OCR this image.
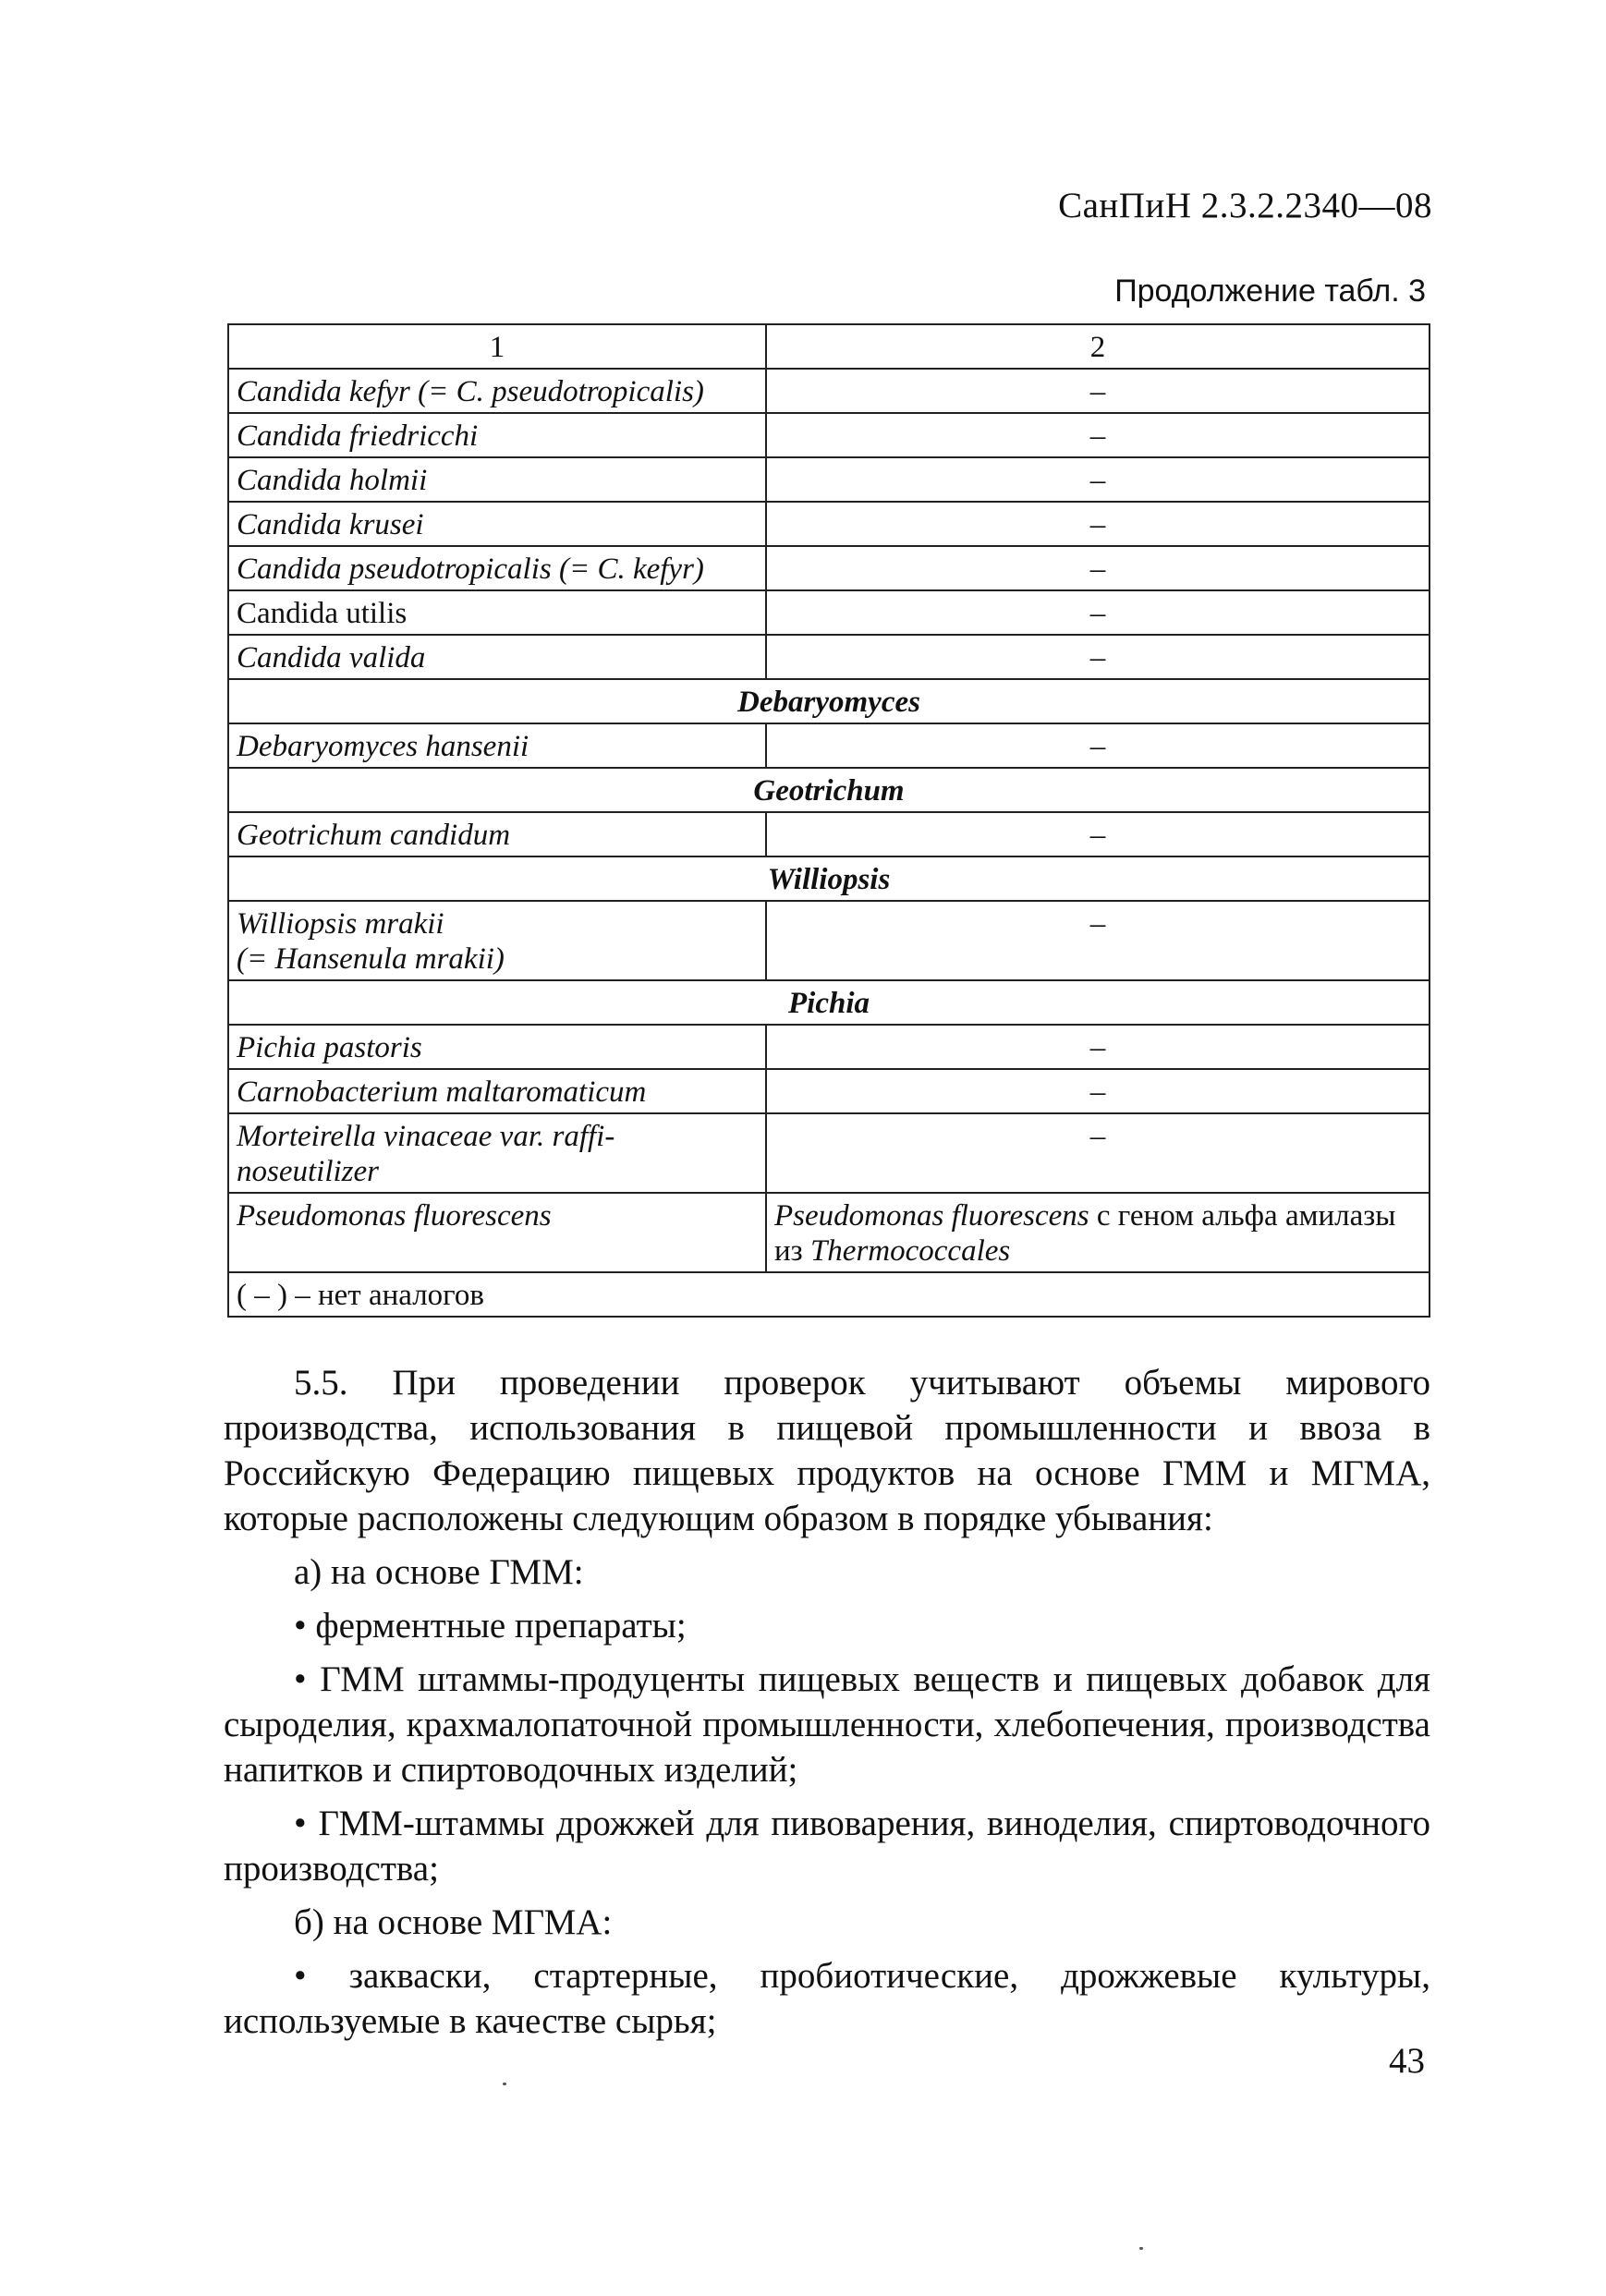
СанПиН 2.3.2.2340—08
Продолжение табл. 3
1	2
Candida kefyr (= C. pseudotropicalis)	–
Candida friedricchi	–
Candida holmii	–
Candida krusei	–
Candida pseudotropicalis (= C. kefyr)	–
Candida utilis	–
Candida valida	–
Debaryomyces	
Debaryomyces hansenii	–
Geotrichum	
Geotrichum candidum	–
Williopsis	

Williopsis mrakii
(= Hansenula mrakii)	–
Pichia	
Pichia pastoris	–
Carnobacterium maltaromaticum	–

Morteirella vinaceae var. raffi-
noseutilizer	–
Pseudomonas fluorescens	Pseudomonas fluorescens с геном альфа амилазы из Thermococcales
( – ) – нет аналогов	

5.5. При проведении проверок учитывают объемы мирового производства, использования в пищевой промышленности и ввоза в Российскую Федерацию пищевых продуктов на основе ГММ и МГМА, которые расположены следующим образом в порядке убывания:

а) на основе ГММ:

• ферментные препараты;

• ГММ штаммы-продуценты пищевых веществ и пищевых добавок для сыроделия, крахмалопаточной промышленности, хлебопечения, производства напитков и спиртоводочных изделий;

• ГММ-штаммы дрожжей для пивоварения, виноделия, спиртоводочного производства;

б) на основе МГМА:

• закваски, стартерные, пробиотические, дрожжевые культуры, используемые в качестве сырья;

43
